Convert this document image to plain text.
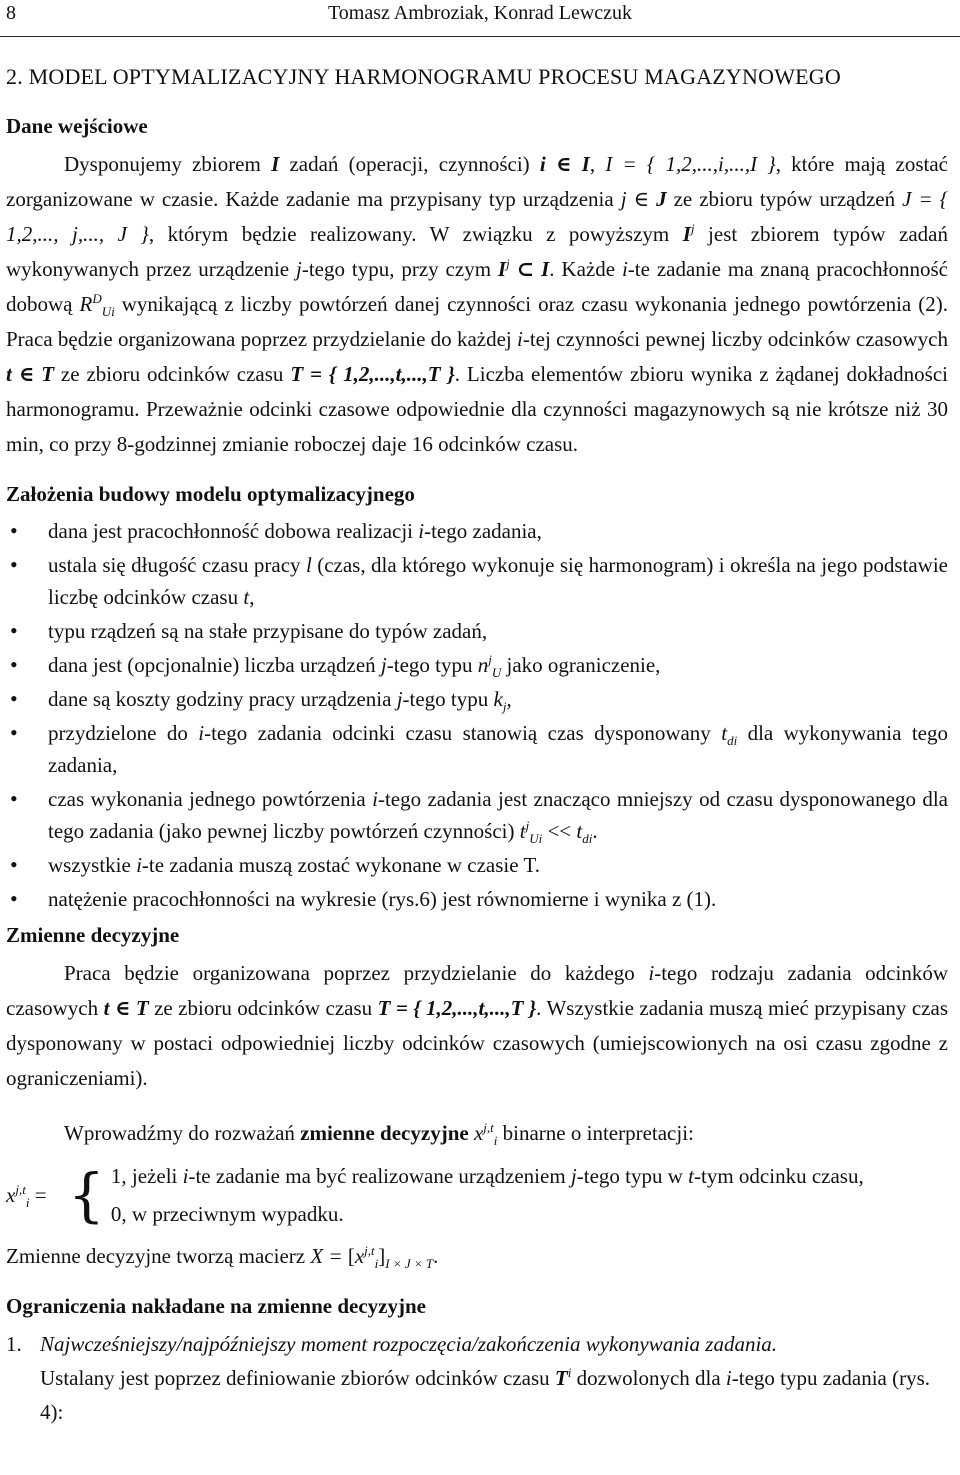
8	Tomasz Ambroziak, Konrad Lewczuk
2. MODEL OPTYMALIZACYJNY HARMONOGRAMU PROCESU MAGAZYNOWEGO
Dane wejściowe

Dysponujemy zbiorem I zadań (operacji, czynności) i ∈ I, I = { 1,2,...,i,...,I }, które mają zostać zorganizowane w czasie. Każde zadanie ma przypisany typ urządzenia j ∈ J ze zbioru typów urządzeń J = { 1,2,..., j,..., J }, którym będzie realizowany. W związku z powyższym $I^j$ jest zbiorem typów zadań wykonywanych przez urządzenie j-tego typu, przy czym $I^j$ ⊂ I. Każde i-te zadanie ma znaną pracochłonność dobową $R^D_{Ui}$ wynikającą z liczby powtórzeń danej czynności oraz czasu wykonania jednego powtórzenia (2). Praca będzie organizowana poprzez przydzielanie do każdej i-tej czynności pewnej liczby odcinków czasowych t ∈ T ze zbioru odcinków czasu T = { 1,2,...,t,...,T }. Liczba elementów zbioru wynika z żądanej dokładności harmonogramu. Przeważnie odcinki czasowe odpowiednie dla czynności magazynowych są nie krótsze niż 30 min, co przy 8-godzinnej zmianie roboczej daje 16 odcinków czasu.

Założenia budowy modelu optymalizacyjnego
• dana jest pracochłonność dobowa realizacji i-tego zadania,
• ustala się długość czasu pracy l (czas, dla którego wykonuje się harmonogram) i określa na jego podstawie liczbę odcinków czasu t,
• typu rządzeń są na stałe przypisane do typów zadań,
• dana jest (opcjonalnie) liczba urządzeń j-tego typu $n^j_U$ jako ograniczenie,
• dane są koszty godziny pracy urządzenia j-tego typu $k_j$,
• przydzielone do i-tego zadania odcinki czasu stanowią czas dysponowany $t_{di}$ dla wykonywania tego zadania,
• czas wykonania jednego powtórzenia i-tego zadania jest znacząco mniejszy od czasu dysponowanego dla tego zadania (jako pewnej liczby powtórzeń czynności) $t^j_{Ui} << t_{di}$.
• wszystkie i-te zadania muszą zostać wykonane w czasie T.
• natężenie pracochłonności na wykresie (rys.6) jest równomierne i wynika z (1).
Zmienne decyzyjne

Praca będzie organizowana poprzez przydzielanie do każdego i-tego rodzaju zadania odcinków czasowych t ∈ T ze zbioru odcinków czasu T = { 1,2,...,t,...,T }. Wszystkie zadania muszą mieć przypisany czas dysponowany w postaci odpowiedniej liczby odcinków czasowych (umiejscowionych na osi czasu zgodne z ograniczeniami).

Wprowadźmy do rozważań zmienne decyzyjne $x^{j,t}_i$ binarne o interpretacji:

$x^{j,t}_i$ = { 1, jeżeli i-te zadanie ma być realizowane urządzeniem j-tego typu w t-tym odcinku czasu,
0, w przeciwnym wypadku.

Zmienne decyzyjne tworzą macierz $X = [x^{j,t}_i]_{I \times J \times T}$.

Ograniczenia nakładane na zmienne decyzyjne
1. Najwcześniejszy/najpóźniejszy moment rozpoczęcia/zakończenia wykonywania zadania.
Ustalany jest poprzez definiowanie zbiorów odcinków czasu $T^i$ dozwolonych dla i-tego typu zadania (rys. 4):
